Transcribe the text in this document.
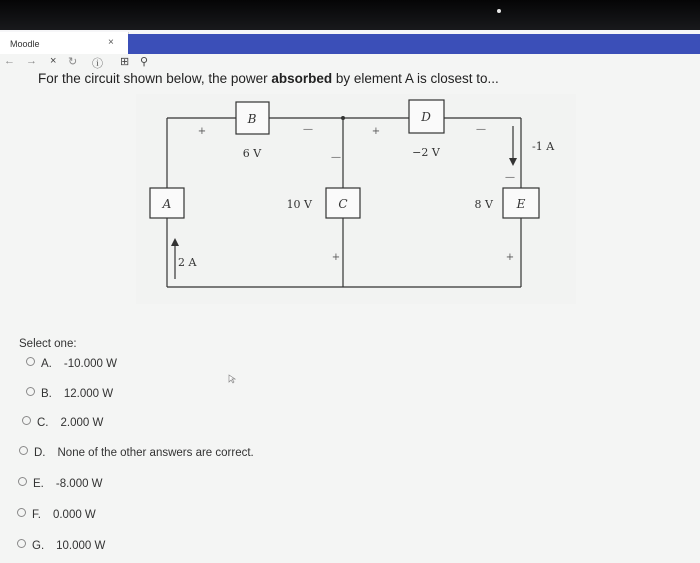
Moodle	×
← → × ↻ ⓘ ⊞ ⚲
For the circuit shown below, the power absorbed by element A is closest to...
A
B
C
D
E
6 V
10 V
−2 V
8 V
2 A
-1 A
+	—	+	—
—
+
—
+
Select one:
A. -10.000 W
B. 12.000 W
C. 2.000 W
D. None of the other answers are correct.
E. -8.000 W
F. 0.000 W
G. 10.000 W
